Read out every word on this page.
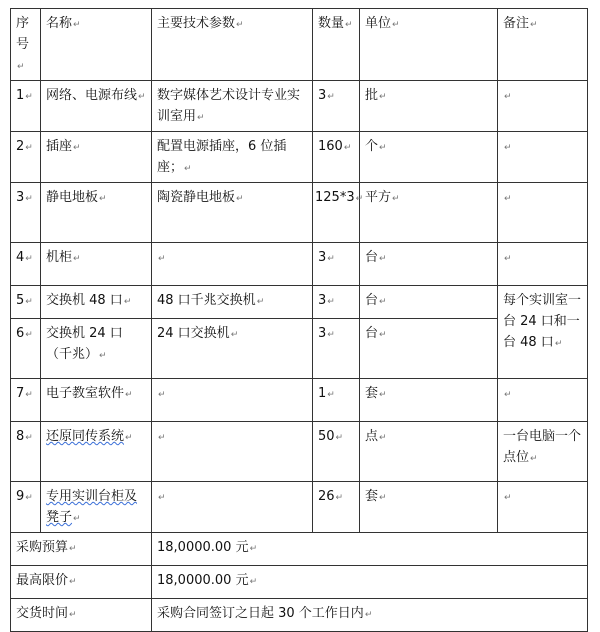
序号↵	名称↵	主要技术参数↵	数量↵	单位↵	备注↵
1↵	网络、电源布线↵	数字媒体艺术设计专业实训室用↵	3↵	批↵	↵
2↵	插座↵	配置电源插座，6 位插座；↵	160↵	个↵	↵
3↵	静电地板↵	陶瓷静电地板↵	125*3↵	平方↵	↵
4↵	机柜↵	↵	3↵	台↵	↵
5↵	交换机 48 口↵	48 口千兆交换机↵	3↵	台↵	每个实训室一台 24 口和一台 48 口↵
6↵	交换机 24 口（千兆）↵	24 口交换机↵	3↵	台↵	
7↵	电子教室软件↵	↵	1↵	套↵	↵
8↵	还原同传系统↵	↵	50↵	点↵	一台电脑一个点位↵
9↵	专用实训台柜及凳子↵	↵	26↵	套↵	↵
采购预算↵		18,0000.00 元↵			
最高限价↵		18,0000.00 元↵			
交货时间↵		采购合同签订之日起 30 个工作日内↵			
